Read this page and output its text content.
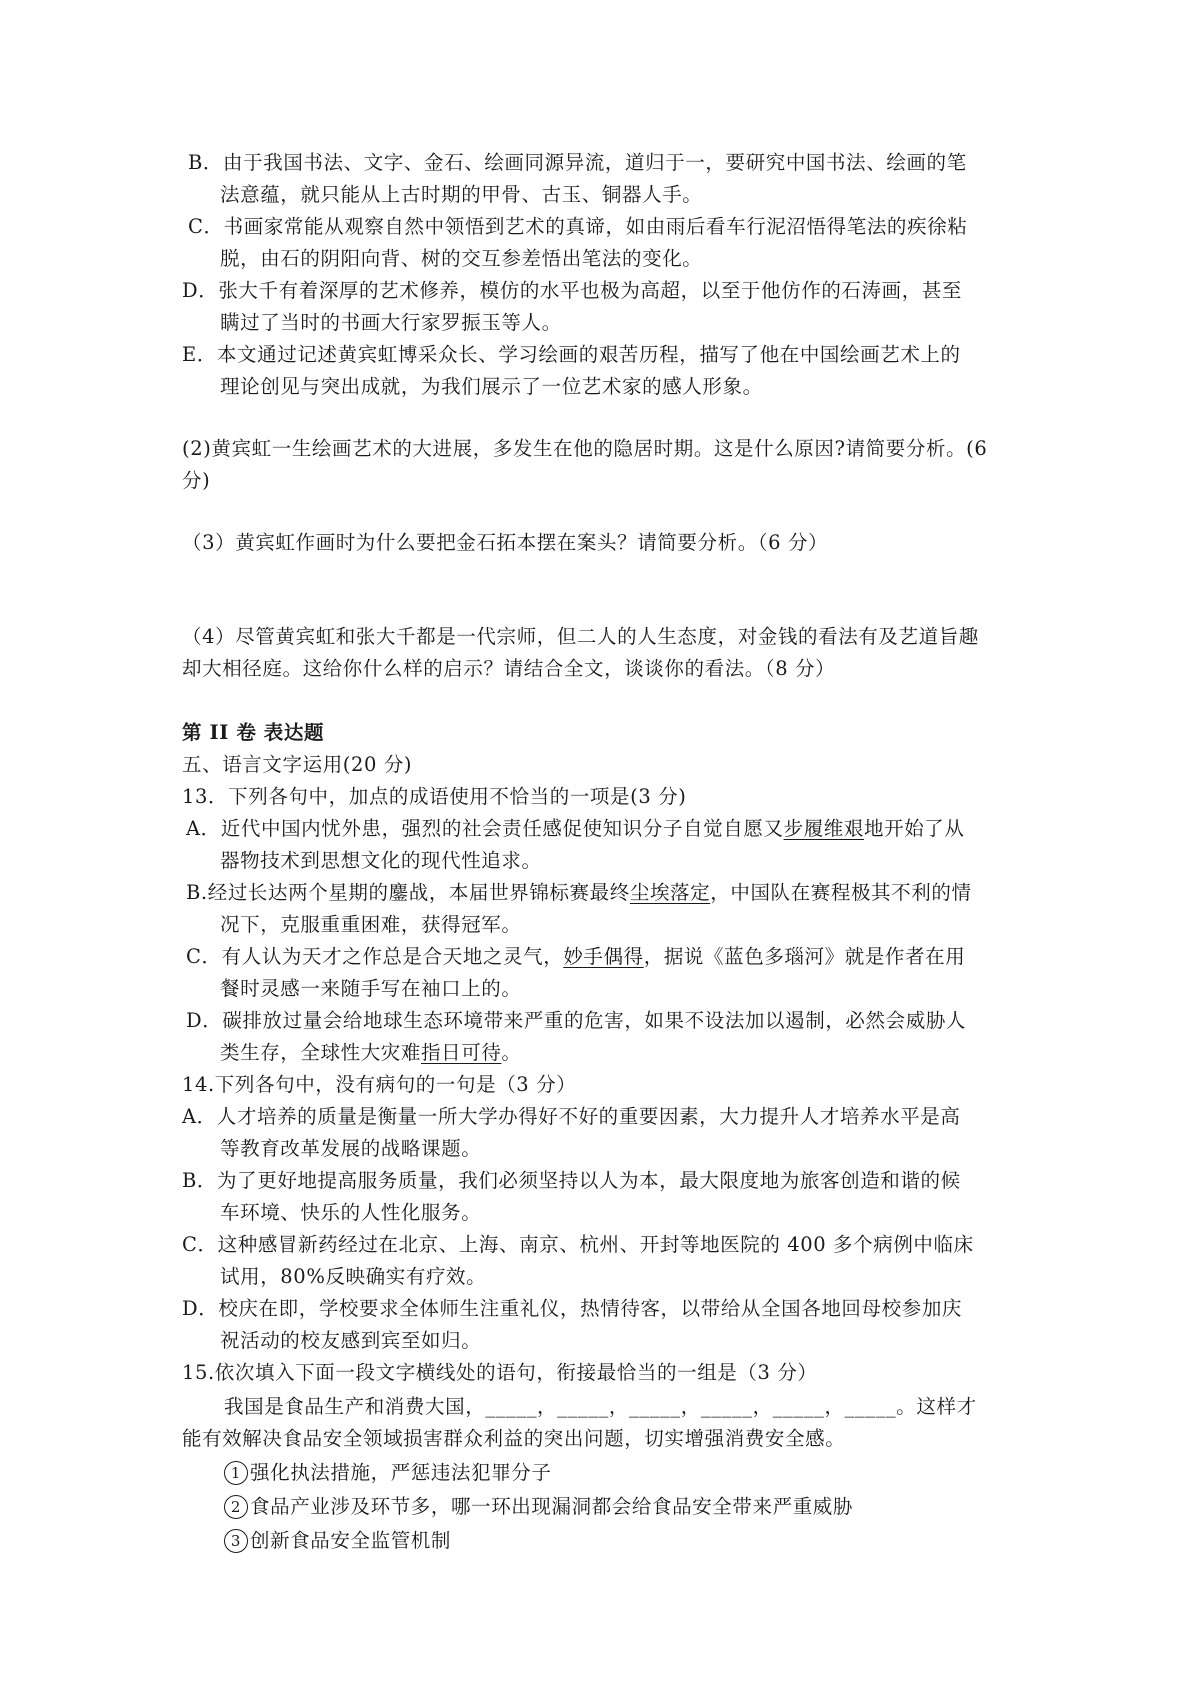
B．由于我国书法、文字、金石、绘画同源异流，道归于一，要研究中国书法、绘画的笔
法意蕴，就只能从上古时期的甲骨、古玉、铜器人手。
C．书画家常能从观察自然中领悟到艺术的真谛，如由雨后看车行泥沼悟得笔法的疾徐粘
脱，由石的阴阳向背、树的交互参差悟出笔法的变化。
D．张大千有着深厚的艺术修养，模仿的水平也极为高超，以至于他仿作的石涛画，甚至
瞒过了当时的书画大行家罗振玉等人。
E．本文通过记述黄宾虹博采众长、学习绘画的艰苦历程，描写了他在中国绘画艺术上的
理论创见与突出成就，为我们展示了一位艺术家的感人形象。
(2)黄宾虹一生绘画艺术的大进展，多发生在他的隐居时期。这是什么原因?请简要分析。(6
分)
（3）黄宾虹作画时为什么要把金石拓本摆在案头？请简要分析。（6 分）
（4）尽管黄宾虹和张大千都是一代宗师，但二人的人生态度，对金钱的看法有及艺道旨趣
却大相径庭。这给你什么样的启示？请结合全文，谈谈你的看法。（8 分）
第 II 卷 表达题
五、语言文字运用(20 分)
13．下列各句中，加点的成语使用不恰当的一项是(3 分)
A．近代中国内忧外患，强烈的社会责任感促使知识分子自觉自愿又步履维艰地开始了从
器物技术到思想文化的现代性追求。
B.经过长达两个星期的鏖战，本届世界锦标赛最终尘埃落定，中国队在赛程极其不利的情
况下，克服重重困难，获得冠军。
C．有人认为天才之作总是合天地之灵气，妙手偶得，据说《蓝色多瑙河》就是作者在用
餐时灵感一来随手写在袖口上的。
D．碳排放过量会给地球生态环境带来严重的危害，如果不设法加以遏制，必然会威胁人
类生存，全球性大灾难指日可待。
14.下列各句中，没有病句的一句是（3 分）
A．人才培养的质量是衡量一所大学办得好不好的重要因素，大力提升人才培养水平是高
等教育改革发展的战略课题。
B．为了更好地提高服务质量，我们必须坚持以人为本，最大限度地为旅客创造和谐的候
车环境、快乐的人性化服务。
C．这种感冒新药经过在北京、上海、南京、杭州、开封等地医院的 400 多个病例中临床
试用，80%反映确实有疗效。
D．校庆在即，学校要求全体师生注重礼仪，热情待客，以带给从全国各地回母校参加庆
祝活动的校友感到宾至如归。
15.依次填入下面一段文字横线处的语句，衔接最恰当的一组是（3 分）
我国是食品生产和消费大国，_____，_____，_____，_____，_____，_____。这样才
能有效解决食品安全领域损害群众利益的突出问题，切实增强消费安全感。
1 强化执法措施，严惩违法犯罪分子
2 食品产业涉及环节多，哪一环出现漏洞都会给食品安全带来严重威胁
3 创新食品安全监管机制
